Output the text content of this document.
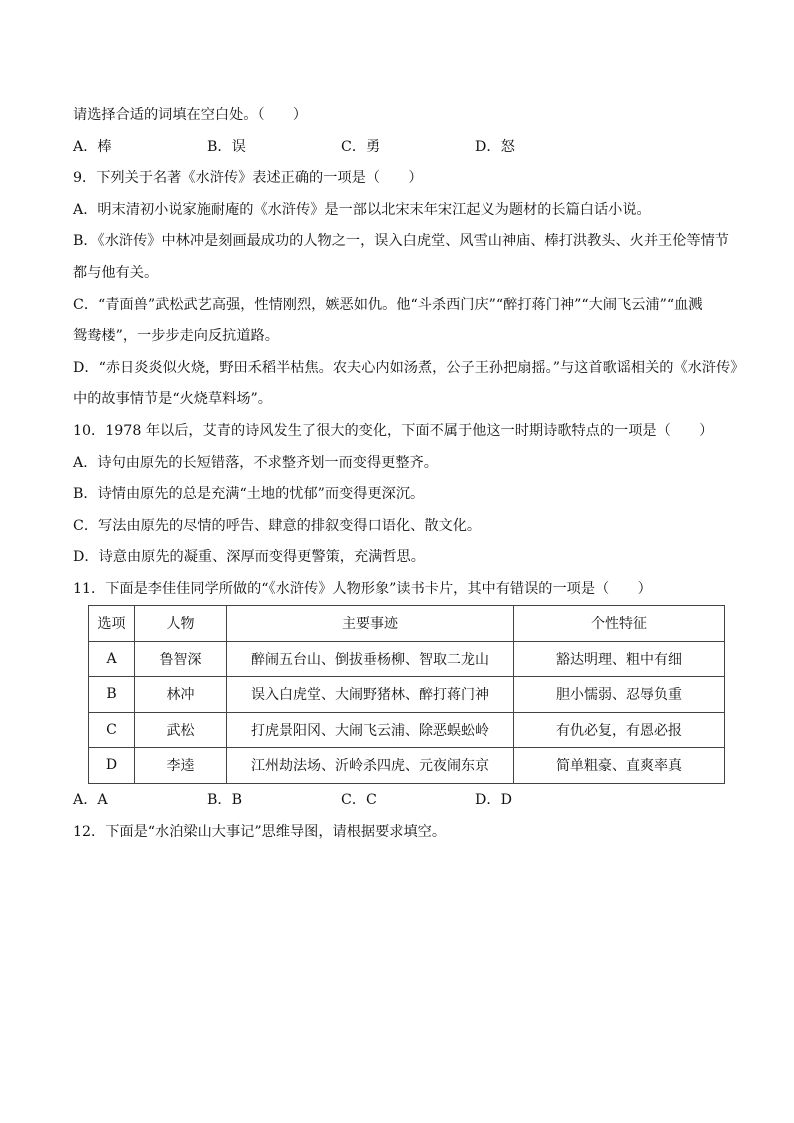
请选择合适的词填在空白处。（　　）
A．棒	B．误	C．勇	D．怒
9．下列关于名著《水浒传》表述正确的一项是（　　）
A．明末清初小说家施耐庵的《水浒传》是一部以北宋末年宋江起义为题材的长篇白话小说。
B．《水浒传》中林冲是刻画最成功的人物之一，误入白虎堂、风雪山神庙、棒打洪教头、火并王伦等情节
都与他有关。
C．“青面兽”武松武艺高强，性情刚烈，嫉恶如仇。他“斗杀西门庆”“醉打蒋门神”“大闹飞云浦”“血溅
鸳鸯楼”，一步步走向反抗道路。
D．“赤日炎炎似火烧，野田禾稻半枯焦。农夫心内如汤煮，公子王孙把扇摇。”与这首歌谣相关的《水浒传》
中的故事情节是“火烧草料场”。
10．1978 年以后，艾青的诗风发生了很大的变化，下面不属于他这一时期诗歌特点的一项是（　　）
A．诗句由原先的长短错落，不求整齐划一而变得更整齐。
B．诗情由原先的总是充满“土地的忧郁”而变得更深沉。
C．写法由原先的尽情的呼告、肆意的排叙变得口语化、散文化。
D．诗意由原先的凝重、深厚而变得更警策，充满哲思。
11．下面是李佳佳同学所做的“《水浒传》人物形象”读书卡片，其中有错误的一项是（　　）
选项	人物	主要事迹	个性特征
A	鲁智深	醉闹五台山、倒拔垂杨柳、智取二龙山	豁达明理、粗中有细
B	林冲	误入白虎堂、大闹野猪林、醉打蒋门神	胆小懦弱、忍辱负重
C	武松	打虎景阳冈、大闹飞云浦、除恶蜈蚣岭	有仇必复，有恩必报
D	李逵	江州劫法场、沂岭杀四虎、元夜闹东京	简单粗豪、直爽率真
A．A	B．B	C．C	D．D
12．下面是“水泊梁山大事记”思维导图，请根据要求填空。
